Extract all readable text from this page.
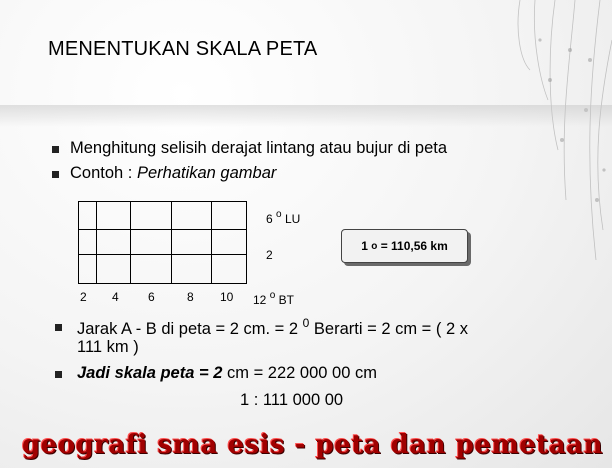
MENENTUKAN SKALA PETA
Menghitung selisih derajat lintang atau bujur di peta
Contoh : Perhatikan gambar
6 $^o$ LU
2
2 4 6	8 10 12 $^o$ BT
1
o
= 110,56 km
Jarak A - B di peta = 2 cm. = 2 $^0$ Berarti = 2 cm = ( 2 x
111 km )
Jadi skala peta = 2 cm = 222 000 00 cm
1 : 111 000 00
geografi sma esis - peta dan pemetaan
